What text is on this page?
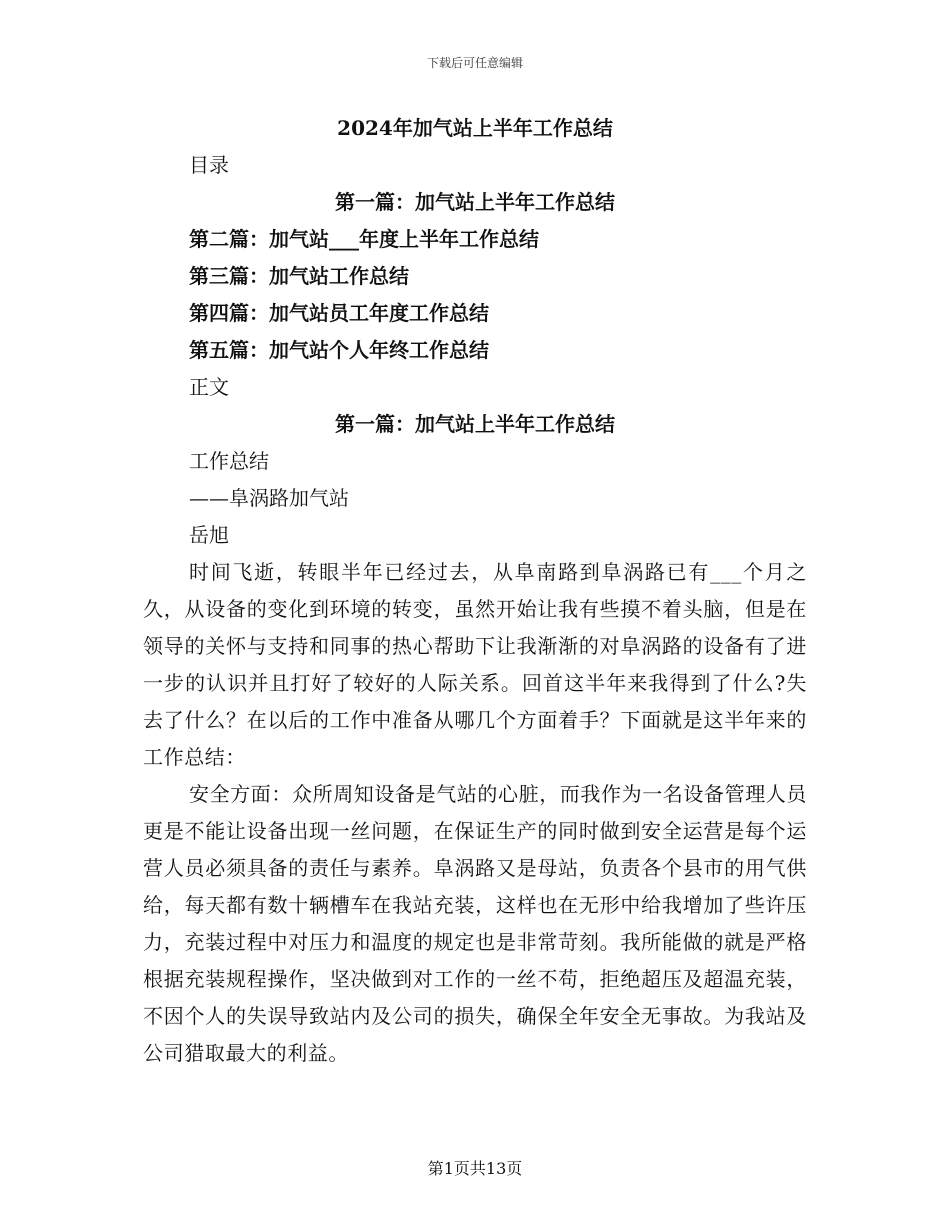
下载后可任意编辑
2024年加气站上半年工作总结

目录

第一篇：加气站上半年工作总结

第二篇：加气站___年度上半年工作总结

第三篇：加气站工作总结

第四篇：加气站员工年度工作总结

第五篇：加气站个人年终工作总结

正文

第一篇：加气站上半年工作总结

工作总结

——阜涡路加气站

岳旭

时间飞逝，转眼半年已经过去，从阜南路到阜涡路已有___个月之久，从设备的变化到环境的转变，虽然开始让我有些摸不着头脑，但是在领导的关怀与支持和同事的热心帮助下让我渐渐的对阜涡路的设备有了进一步的认识并且打好了较好的人际关系。回首这半年来我得到了什么?失去了什么？在以后的工作中准备从哪几个方面着手？下面就是这半年来的工作总结：

安全方面：众所周知设备是气站的心脏，而我作为一名设备管理人员更是不能让设备出现一丝问题，在保证生产的同时做到安全运营是每个运营人员必须具备的责任与素养。阜涡路又是母站，负责各个县市的用气供给，每天都有数十辆槽车在我站充装，这样也在无形中给我增加了些许压力，充装过程中对压力和温度的规定也是非常苛刻。我所能做的就是严格根据充装规程操作，坚决做到对工作的一丝不苟，拒绝超压及超温充装，不因个人的失误导致站内及公司的损失，确保全年安全无事故。为我站及公司猎取最大的利益。

第1页共13页
